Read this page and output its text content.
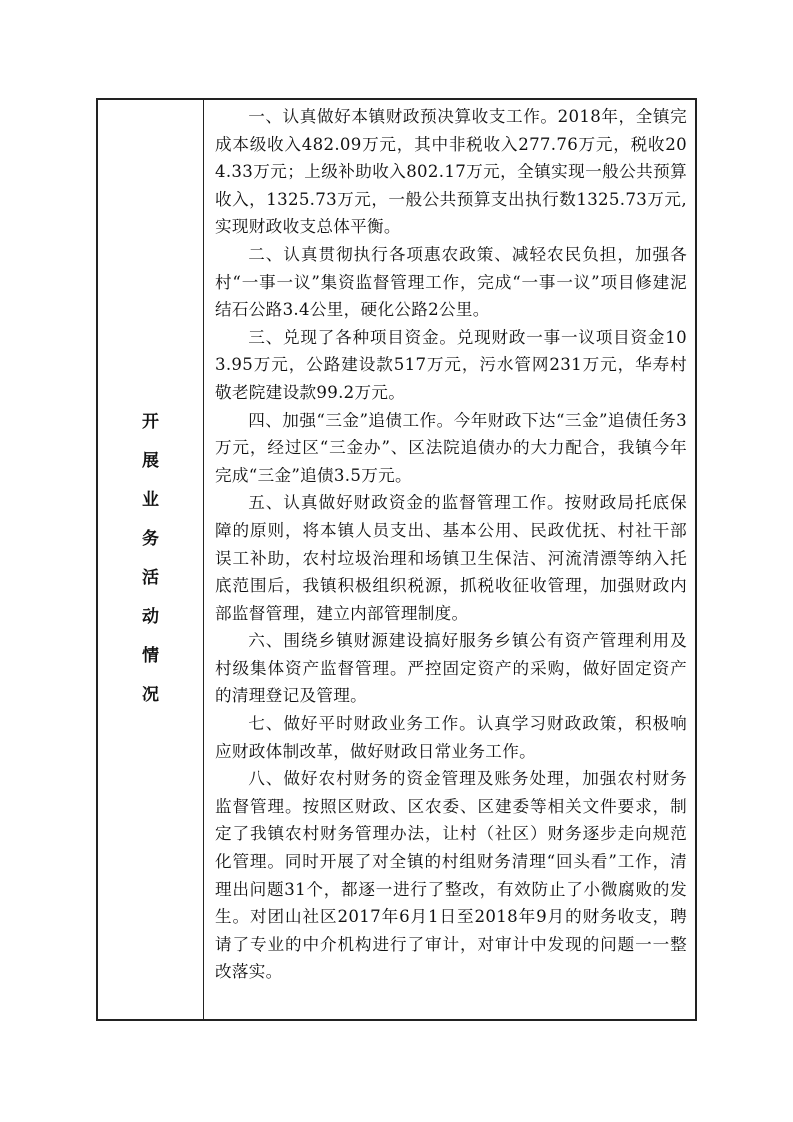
开
展
业
务
活
动
情
况

一、认真做好本镇财政预决算收支工作。2018年，全镇完成本级收入482.09万元，其中非税收入277.76万元，税收204.33万元；上级补助收入802.17万元，全镇实现一般公共预算收入，1325.73万元，一般公共预算支出执行数1325.73万元,实现财政收支总体平衡。

二、认真贯彻执行各项惠农政策、减轻农民负担，加强各村“一事一议”集资监督管理工作，完成“一事一议”项目修建泥结石公路3.4公里，硬化公路2公里。

三、兑现了各种项目资金。兑现财政一事一议项目资金103.95万元，公路建设款517万元，污水管网231万元，华寿村敬老院建设款99.2万元。

四、加强“三金”追债工作。今年财政下达“三金”追债任务3万元，经过区“三金办”、区法院追债办的大力配合，我镇今年完成“三金”追债3.5万元。

五、认真做好财政资金的监督管理工作。按财政局托底保障的原则，将本镇人员支出、基本公用、民政优抚、村社干部误工补助，农村垃圾治理和场镇卫生保洁、河流清漂等纳入托底范围后，我镇积极组织税源，抓税收征收管理，加强财政内部监督管理，建立内部管理制度。

六、围绕乡镇财源建设搞好服务乡镇公有资产管理利用及村级集体资产监督管理。严控固定资产的采购，做好固定资产的清理登记及管理。

七、做好平时财政业务工作。认真学习财政政策，积极响应财政体制改革，做好财政日常业务工作。

八、做好农村财务的资金管理及账务处理，加强农村财务监督管理。按照区财政、区农委、区建委等相关文件要求，制定了我镇农村财务管理办法，让村（社区）财务逐步走向规范化管理。同时开展了对全镇的村组财务清理“回头看”工作，清理出问题31个，都逐一进行了整改，有效防止了小微腐败的发生。对团山社区2017年6月1日至2018年9月的财务收支，聘请了专业的中介机构进行了审计，对审计中发现的问题一一整改落实。
